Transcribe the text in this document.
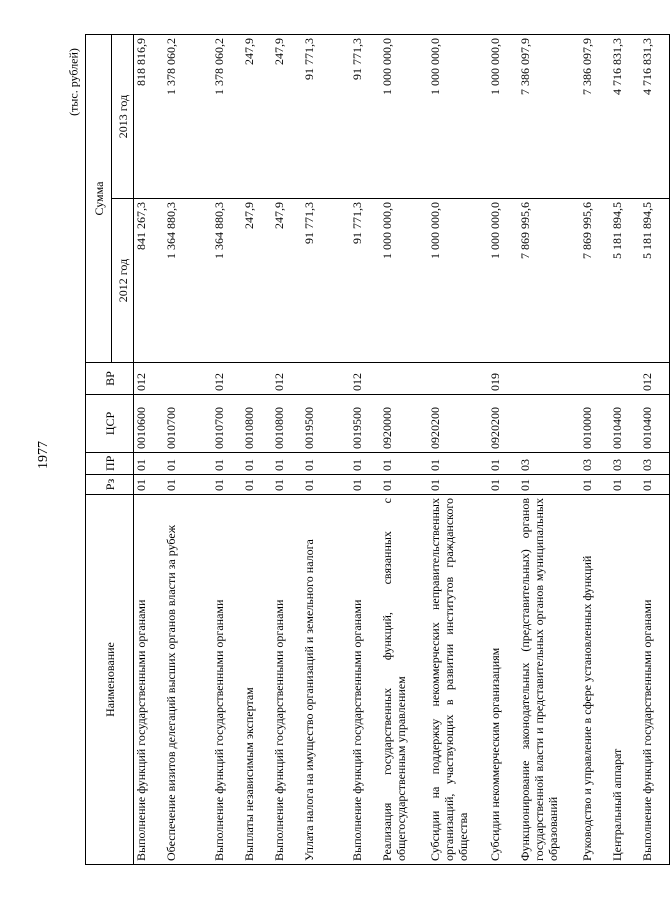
1977
(тыс. рублей)
Наименование	Рз	ПР	ЦСР	ВР	Сумма	
					2012 год	2013 год
Выполнение функций государственными органами	01	01	0010600	012	841 267,3	818 816,9
Обеспечение визитов делегаций высших органов власти за рубеж	01	01	0010700		1 364 880,3	1 378 060,2
Выполнение функций государственными органами	01	01	0010700	012	1 364 880,3	1 378 060,2
Выплаты независимым экспертам	01	01	0010800		247,9	247,9
Выполнение функций государственными органами	01	01	0010800	012	247,9	247,9
Уплата налога на имущество организаций и земельного налога	01	01	0019500		91 771,3	91 771,3
Выполнение функций государственными органами	01	01	0019500	012	91 771,3	91 771,3
Реализация государственных функций, связанных с общегосударственным управлением	01	01	0920000		1 000 000,0	1 000 000,0
Субсидии на поддержку некоммерческих неправительственных организаций, участвующих в развитии институтов гражданского общества	01	01	0920200		1 000 000,0	1 000 000,0
Субсидии некоммерческим организациям	01	01	0920200	019	1 000 000,0	1 000 000,0
Функционирование законодательных (представительных) органов государственной власти и представительных органов муниципальных образований	01	03			7 869 995,6	7 386 097,9
Руководство и управление в сфере установленных функций	01	03	0010000		7 869 995,6	7 386 097,9
Центральный аппарат	01	03	0010400		5 181 894,5	4 716 831,3
Выполнение функций государственными органами	01	03	0010400	012	5 181 894,5	4 716 831,3
